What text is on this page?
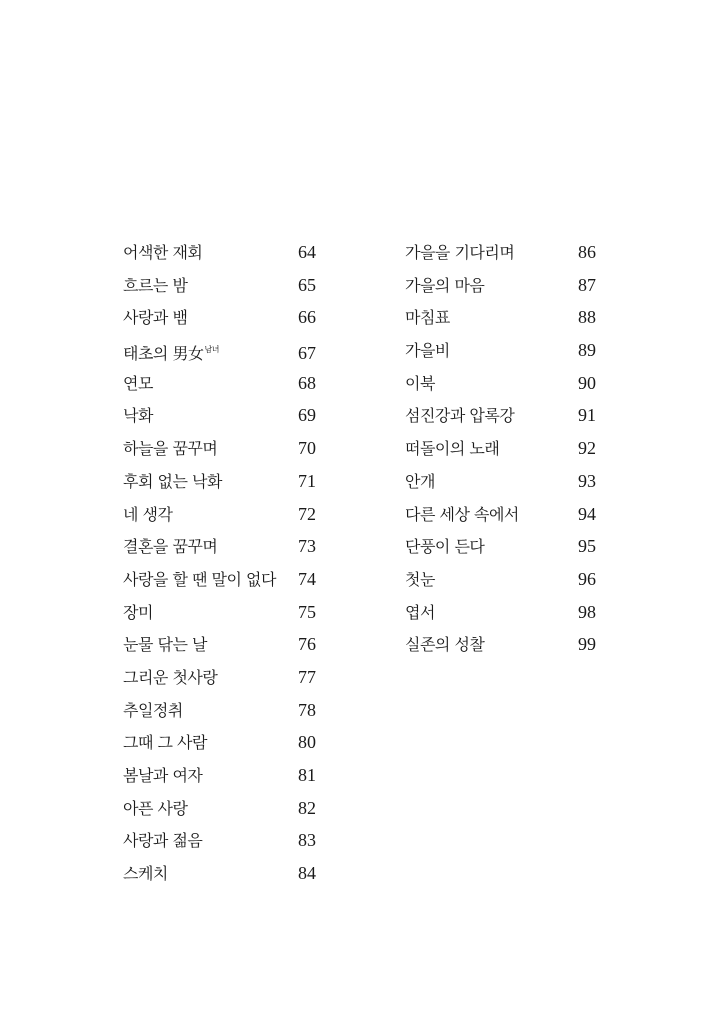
어색한 재회	64
흐르는 밤	65
사랑과 뱀	66
태초의 男女$^{남녀}$	67
연모	68
낙화	69
하늘을 꿈꾸며	70
후회 없는 낙화	71
네 생각	72
결혼을 꿈꾸며	73
사랑을 할 땐 말이 없다 74
장미	75
눈물 닦는 날	76
그리운 첫사랑	77
추일정취	78
그때 그 사람	80
봄날과 여자	81
아픈 사랑	82
사랑과 젊음	83
스케치	84
가을을 기다리며	86
가을의 마음	87
마침표	88
가을비	89
이북	90
섬진강과 압록강	91
떠돌이의 노래	92
안개	93
다른 세상 속에서	94
단풍이 든다	95
첫눈	96
엽서	98
실존의 성찰	99
